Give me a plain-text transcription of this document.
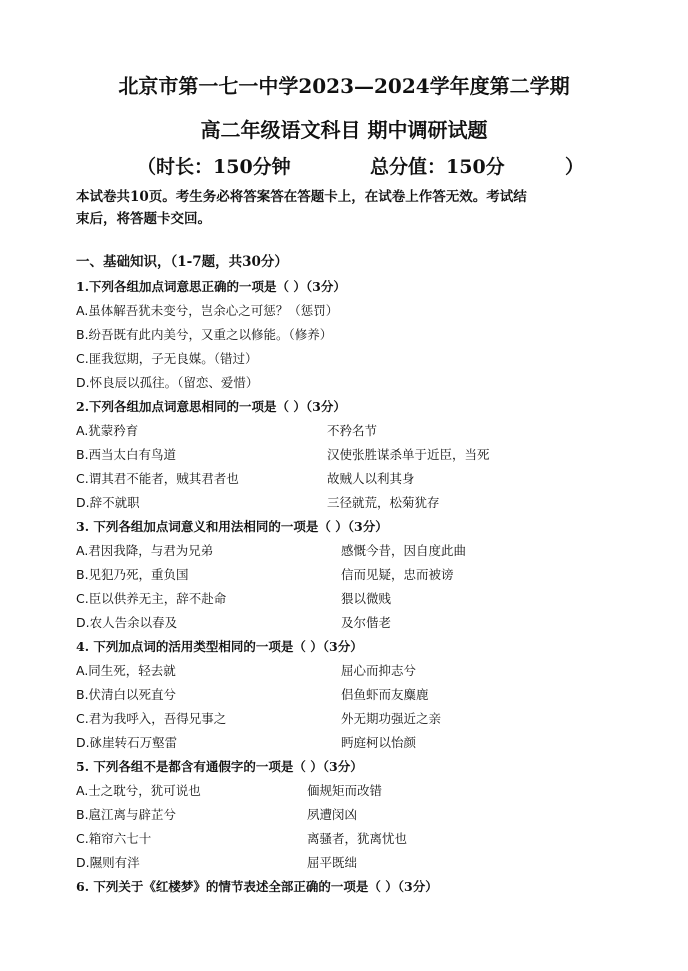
北京市第一七一中学2023—2024学年度第二学期
高二年级语文科目 期中调研试题
（时长：150分钟	总分值：150分	）
本试卷共10页。考生务必将答案答在答题卡上，在试卷上作答无效。考试结
束后，将答题卡交回。
一、基础知识，（1-7题，共30分）
1.下列各组加点词意思正确的一项是（ ）（3分）
A.虽体解吾犹未变兮，岂余心之可惩？（惩罚）
B.纷吾既有此内美兮，又重之以修能。（修养）
C.匪我愆期，子无良媒。（错过）
D.怀良辰以孤往。（留恋、爱惜）
2.下列各组加点词意思相同的一项是（ ）（3分）
A.犹蒙矜育	不矜名节
B.西当太白有鸟道	汉使张胜谋杀单于近臣，当死
C.谓其君不能者，贼其君者也	故贼人以利其身
D.辞不就职	三径就荒，松菊犹存
3. 下列各组加点词意义和用法相同的一项是（ ）（3分）
A.君因我降，与君为兄弟	感慨今昔，因自度此曲
B.见犯乃死，重负国	信而见疑，忠而被谤
C.臣以供养无主，辞不赴命	猥以微贱
D.农人告余以春及	及尔偕老
4. 下列加点词的活用类型相同的一项是（ ）（3分）
A.同生死，轻去就	屈心而抑志兮
B.伏清白以死直兮	侣鱼虾而友麋鹿
C.君为我呼入，吾得兄事之	外无期功强近之亲
D.砯崖转石万壑雷	眄庭柯以怡颜
5. 下列各组不是都含有通假字的一项是（ ）（3分）
A.士之耽兮，犹可说也	偭规矩而改错
B.扈江离与辟芷兮	夙遭闵凶
C.箱帘六七十	离骚者，犹离忧也
D.隰则有泮	屈平既绌
6. 下列关于《红楼梦》的情节表述全部正确的一项是（ ）（3分）
